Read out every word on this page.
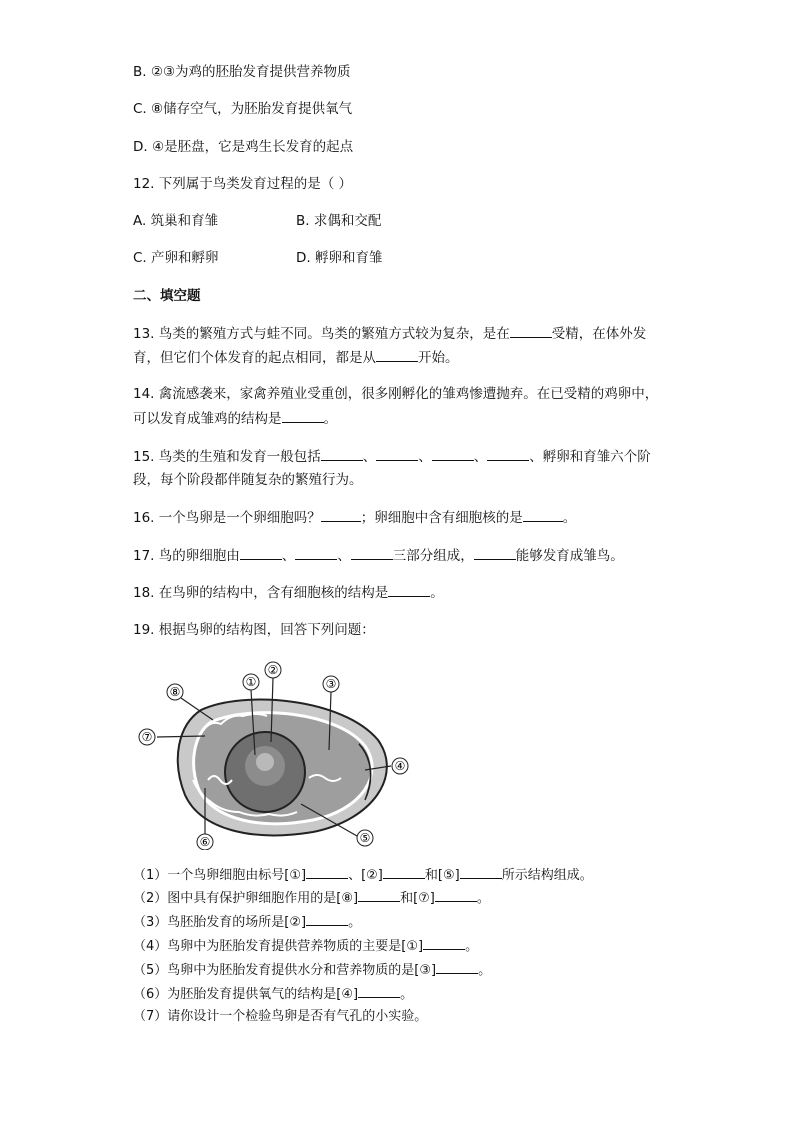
B. ②③为鸡的胚胎发育提供营养物质
C. ⑧储存空气，为胚胎发育提供氧气
D. ④是胚盘，它是鸡生长发育的起点
12. 下列属于鸟类发育过程的是（ ）
A. 筑巢和育雏	B. 求偶和交配
C. 产卵和孵卵	D. 孵卵和育雏
二、填空题
13. 鸟类的繁殖方式与蛙不同。鸟类的繁殖方式较为复杂，是在	受精，在体外发
育，但它们个体发育的起点相同，都是从	开始。
14. 禽流感袭来，家禽养殖业受重创，很多刚孵化的雏鸡惨遭抛弃。在已受精的鸡卵中，
可以发育成雏鸡的结构是	。
15. 鸟类的生殖和发育一般包括	、	、	、	、孵卵和育雏六个阶
段，每个阶段都伴随复杂的繁殖行为。
16. 一个鸟卵是一个卵细胞吗？	；卵细胞中含有细胞核的是	。
17. 鸟的卵细胞由	、	、	三部分组成，	能够发育成雏鸟。
18. 在鸟卵的结构中，含有细胞核的结构是	。
19. 根据鸟卵的结构图，回答下列问题：
①
②
③
④
⑤
⑥
⑦
⑧
（1）一个鸟卵细胞由标号[①]	、[②]	和[⑤]	所示结构组成。
（2）图中具有保护卵细胞作用的是[⑧]	和[⑦]	。
（3）鸟胚胎发育的场所是[②]	。
（4）鸟卵中为胚胎发育提供营养物质的主要是[①]	。
（5）鸟卵中为胚胎发育提供水分和营养物质的是[③]	。
（6）为胚胎发育提供氧气的结构是[④]	。
（7）请你设计一个检验鸟卵是否有气孔的小实验。
